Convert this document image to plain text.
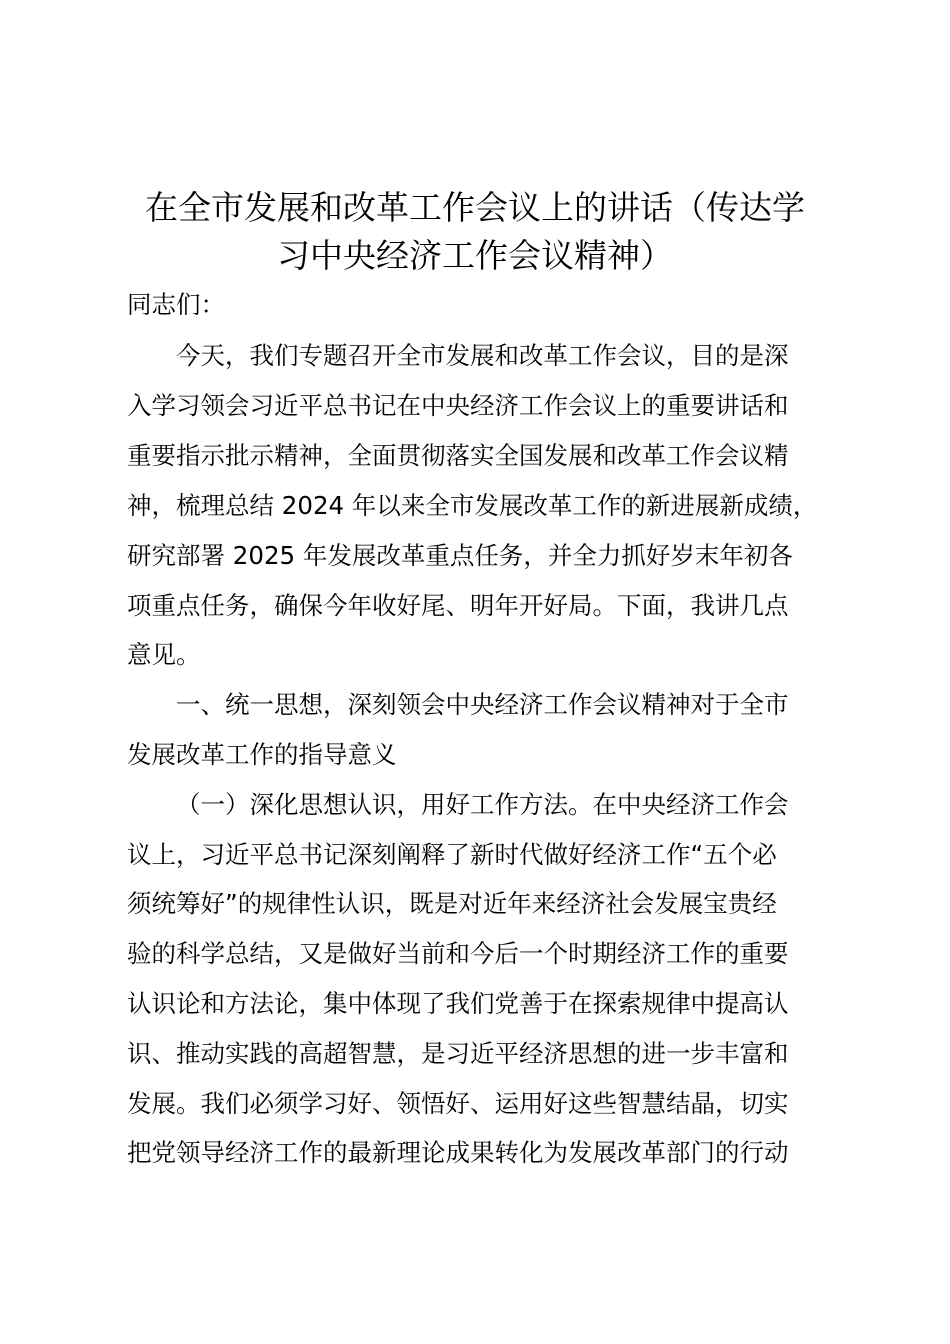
在全市发展和改革工作会议上的讲话（传达学
习中央经济工作会议精神）
同志们：
今天，我们专题召开全市发展和改革工作会议，目的是深
入学习领会习近平总书记在中央经济工作会议上的重要讲话和
重要指示批示精神，全面贯彻落实全国发展和改革工作会议精
神，梳理总结 2024 年以来全市发展改革工作的新进展新成绩，
研究部署 2025 年发展改革重点任务，并全力抓好岁末年初各
项重点任务，确保今年收好尾、明年开好局。下面，我讲几点
意见。
一、统一思想，深刻领会中央经济工作会议精神对于全市
发展改革工作的指导意义
（一）深化思想认识，用好工作方法。在中央经济工作会
议上，习近平总书记深刻阐释了新时代做好经济工作“五个必
须统筹好”的规律性认识，既是对近年来经济社会发展宝贵经
验的科学总结，又是做好当前和今后一个时期经济工作的重要
认识论和方法论，集中体现了我们党善于在探索规律中提高认
识、推动实践的高超智慧，是习近平经济思想的进一步丰富和
发展。我们必须学习好、领悟好、运用好这些智慧结晶，切实
把党领导经济工作的最新理论成果转化为发展改革部门的行动
